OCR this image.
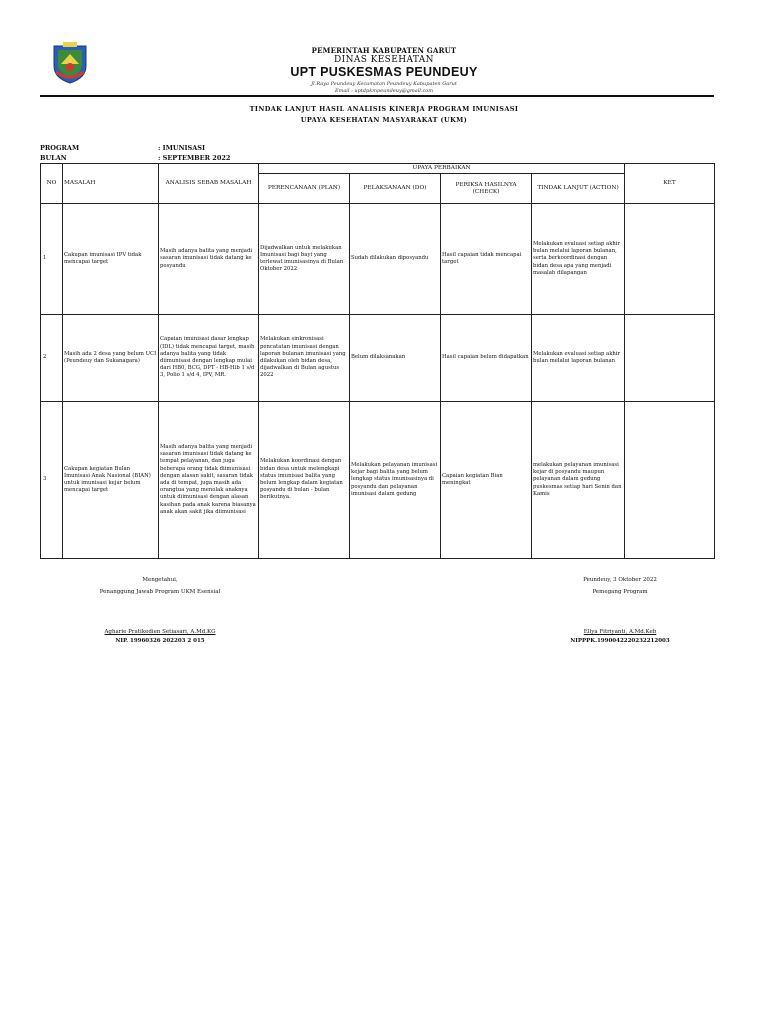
PEMERINTAH KABUPATEN GARUT
DINAS KESEHATAN
UPT PUSKESMAS PEUNDEUY
Jl.Raya Peundeuy Kecamatan Peundeuy Kabupaten Garut
Email : uptdpkmpeundeuy@gmail.com
TINDAK LANJUT HASIL ANALISIS KINERJA PROGRAM IMUNISASI
UPAYA KESEHATAN MASYARAKAT (UKM)
PROGRAM	: IMUNISASI
BULAN	: SEPTEMBER 2022
NO	MASALAH	ANALISIS SEBAB MASALAH	UPAYA PERBAIKAN				KET
			PERENCANAAN (PLAN)	PELAKSANAAN (DO)	PERIKSA HASILNYA (CHECK)	TINDAK LANJUT (ACTION)	
1	Cakupan imunisasi IPV tidak mencapai target	Masih adanya balita yang menjadi sasaran imunisasi tidak datang ke posyandu	Dijadwalkan untuk melakukan Imunisasi bagi bayi yang terlewat imunisasinya di Bulan Oktober 2022	Sudah dilakukan diposyandu	Hasil capaian tidak mencapai target	Melakukan evaluasi setiap akhir bulan melalui laporan bulanan, serta berkoordinasi dengan bidan desa apa yang menjadi masalah dilapangan	
2	Masih ada 2 desa yang belum UCI (Peundeuy dan Sukanagara)	Capaian imunisasi dasar lengkap (IDL) tidak mencapai target, masih adanya balita yang tidak diimunisasi dengan lengkap mulai dari HB0, BCG, DPT - HB-Hib 1 s/d 3, Polio 1 s/d 4, IPV, MR.	Melakukan sinkronisasi pencatatan imunisasi dengan laporan bulanan imunisasi yang dilakukan oleh bidan desa, dijadwalkan di Bulan agustus 2022	Belum dilaksanakan	Hasil capaian belum didapatkan	Melakukan evaluasi setiap akhir bulan melalui laporan bulanan	
3	Cakupan kegiatan Bulan Imunisasi Anak Nasional (BIAN) untuk imunisasi kejar belum mencapai target	Masih adanya balita yang menjadi sasaran imunisasi tidak datang ke tempat pelayanan, dan juga beberapa orang tidak diimunisasi dengan alasan sakit, sasaran tidak ada di tempat, juga masih ada orangtua yang menolak anaknya untuk diimunisasi dengan alasan kasihan pada anak karena biasanya anak akan sakit jika diimunisasi	Melakukan koordinasi dengan bidan desa untuk melengkapi status imunisasi balita yang belum lengkap dalam kegiatan posyandu di bulan - bulan berikutnya.	Melakukan pelayanan imunisasi kejar bagi balita yang belum lengkap status imunisasinya di posyandu dan pelayanan imunisasi dalam gedung	Capaian kegiatan Bian meningkat	melakukan pelayanan imunisasi kejar di posyandu maupun pelayanan dalam gedung puskesmas setiap hari Senin dan Kamis	
Mengetahui,
Penanggung Jawab Program UKM Esensial
Agharie Pratikedien Setiasari, A.Md.KG
NIP. 19960326 202203 2 015
Peundeuy, 3 Oktober 2022
Pemegang Program
Ellya Fitriyanti, A.Md.Keb
NIPPPK.1990042220232212003
